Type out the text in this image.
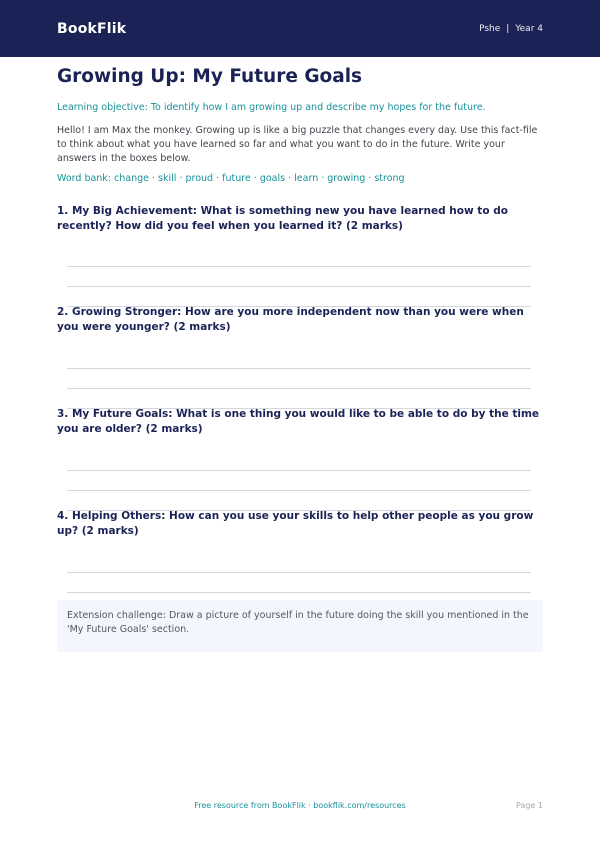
BookFlik	Pshe | Year 4
Growing Up: My Future Goals

Learning objective: To identify how I am growing up and describe my hopes for the future.

Hello! I am Max the monkey. Growing up is like a big puzzle that changes every day. Use this fact-file to think about what you have learned so far and what you want to do in the future. Write your answers in the boxes below.

Word bank: change · skill · proud · future · goals · learn · growing · strong

1. My Big Achievement: What is something new you have learned how to do recently? How did you feel when you learned it? (2 marks)

2. Growing Stronger: How are you more independent now than you were when you were younger? (2 marks)

3. My Future Goals: What is one thing you would like to be able to do by the time you are older? (2 marks)

4. Helping Others: How can you use your skills to help other people as you grow up? (2 marks)

Extension challenge: Draw a picture of yourself in the future doing the skill you mentioned in the 'My Future Goals' section.

Free resource from BookFlik · bookflik.com/resources	Page 1
